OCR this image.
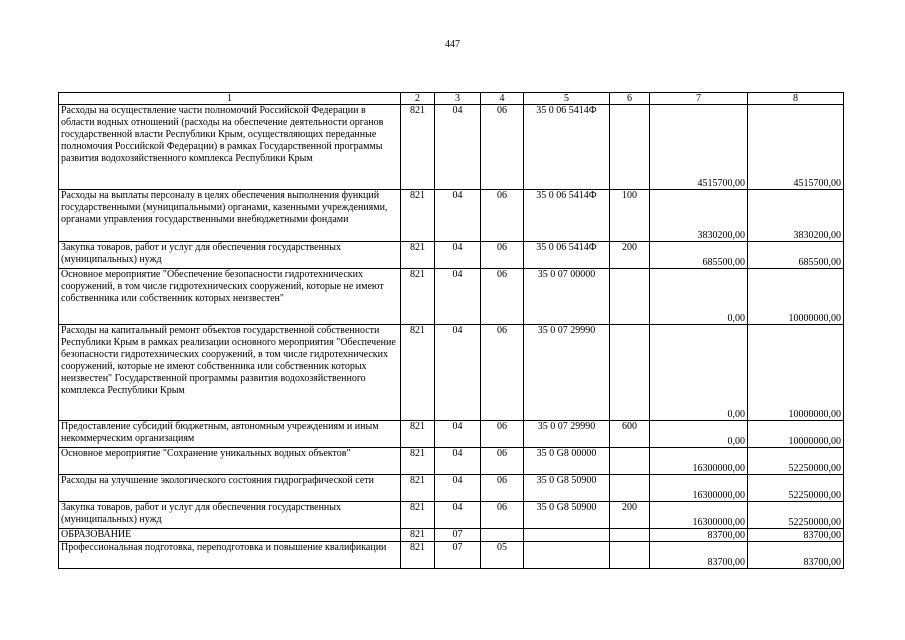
447
1	2	3	4	5	6	7	8
Расходы на осуществление части полномочий Российской Федерации в области водных отношений (расходы на обеспечение деятельности органов государственной власти Республики Крым, осуществляющих переданные полномочия Российской Федерации) в рамках Государственной программы развития водохозяйственного комплекса Республики Крым	821	04	06	35 0 06 5414Ф		4515700,00	4515700,00
Расходы на выплаты персоналу в целях обеспечения выполнения функций государственными (муниципальными) органами, казенными учреждениями, органами управления государственными внебюджетными фондами	821	04	06	35 0 06 5414Ф	100	3830200,00	3830200,00
Закупка товаров, работ и услуг для обеспечения государственных (муниципальных) нужд	821	04	06	35 0 06 5414Ф	200	685500,00	685500,00
Основное мероприятие "Обеспечение безопасности гидротехнических сооружений, в том числе гидротехнических сооружений, которые не имеют собственника или собственник которых неизвестен"	821	04	06	35 0 07 00000		0,00	10000000,00
Расходы на капитальный ремонт объектов государственной собственности Республики Крым в рамках реализации основного мероприятия "Обеспечение безопасности гидротехнических сооружений, в том числе гидротехнических сооружений, которые не имеют собственника или собственник которых неизвестен" Государственной программы развития водохозяйственного комплекса Республики Крым	821	04	06	35 0 07 29990		0,00	10000000,00
Предоставление субсидий бюджетным, автономным учреждениям и иным некоммерческим организациям	821	04	06	35 0 07 29990	600	0,00	10000000,00
Основное мероприятие "Сохранение уникальных водных объектов"	821	04	06	35 0 G8 00000		16300000,00	52250000,00
Расходы на улучшение экологического состояния гидрографической сети	821	04	06	35 0 G8 50900		16300000,00	52250000,00
Закупка товаров, работ и услуг для обеспечения государственных (муниципальных) нужд	821	04	06	35 0 G8 50900	200	16300000,00	52250000,00
ОБРАЗОВАНИЕ	821	07				83700,00	83700,00
Профессиональная подготовка, переподготовка и повышение квалификации	821	07	05			83700,00	83700,00
